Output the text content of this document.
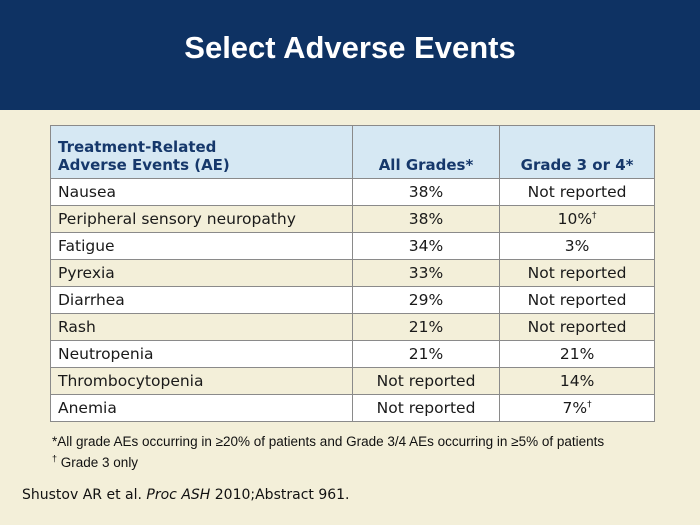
Select Adverse Events
Treatment-Related
Adverse Events (AE)	All Grades*	Grade 3 or 4*
Nausea	38%	Not reported
Peripheral sensory neuropathy	38%	10%†
Fatigue	34%	3%
Pyrexia	33%	Not reported
Diarrhea	29%	Not reported
Rash	21%	Not reported
Neutropenia	21%	21%
Thrombocytopenia	Not reported	14%
Anemia	Not reported	7%†
*All grade AEs occurring in ≥20% of patients and Grade 3/4 AEs occurring in ≥5% of patients
† Grade 3 only
Shustov AR et al. Proc ASH 2010;Abstract 961.
